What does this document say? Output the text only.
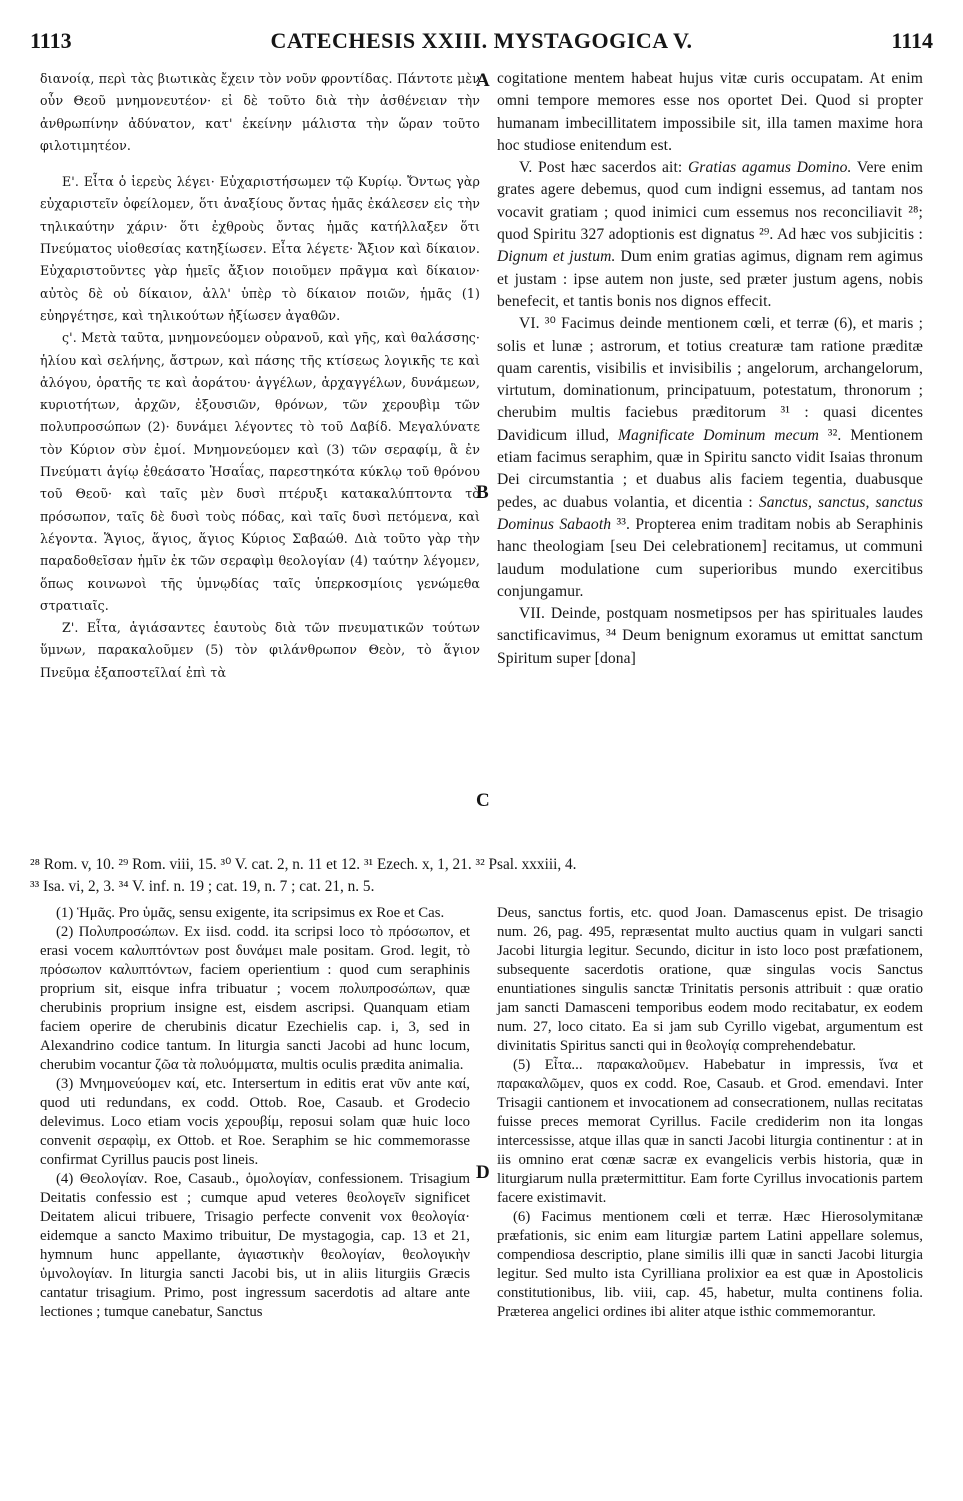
1113	CATECHESIS XXIII. MYSTAGOGICA V.	1114
A
B
C
D

διανοίᾳ, περὶ τὰς βιωτικὰς ἔχειν τὸν νοῦν φροντίδας. Πάντοτε μὲν οὖν Θεοῦ μνημονευτέον· εἰ δὲ τοῦτο διὰ τὴν ἀσθένειαν τὴν ἀνθρωπίνην ἀδύνατον, κατ' ἐκείνην μάλιστα τὴν ὥραν τοῦτο φιλοτιμητέον.

Ε'. Εἶτα ὁ ἱερεὺς λέγει· Εὐχαριστήσωμεν τῷ Κυρίῳ. Ὄντως γὰρ εὐχαριστεῖν ὀφείλομεν, ὅτι ἀναξίους ὄντας ἡμᾶς ἐκάλεσεν εἰς τὴν τηλικαύτην χάριν· ὅτι ἐχθροὺς ὄντας ἡμᾶς κατήλλαξεν ὅτι Πνεύματος υἱοθεσίας κατηξίωσεν. Εἶτα λέγετε· Ἄξιον καὶ δίκαιον. Εὐχαριστοῦντες γὰρ ἡμεῖς ἄξιον ποιοῦμεν πρᾶγμα καὶ δίκαιον· αὐτὸς δὲ οὐ δίκαιον, ἀλλ' ὑπὲρ τὸ δίκαιον ποιῶν, ἡμᾶς (1) εὐηργέτησε, καὶ τηλικούτων ἠξίωσεν ἀγαθῶν.

ς'. Μετὰ ταῦτα, μνημονεύομεν οὐρανοῦ, καὶ γῆς, καὶ θαλάσσης· ἡλίου καὶ σελήνης, ἄστρων, καὶ πάσης τῆς κτίσεως λογικῆς τε καὶ ἀλόγου, ὁρατῆς τε καὶ ἀοράτου· ἀγγέλων, ἀρχαγγέλων, δυνάμεων, κυριοτήτων, ἀρχῶν, ἐξουσιῶν, θρόνων, τῶν χερουβὶμ τῶν πολυπροσώπων (2)· δυνάμει λέγοντες τὸ τοῦ Δαβίδ. Μεγαλύνατε τὸν Κύριον σὺν ἐμοί. Μνημονεύομεν καὶ (3) τῶν σεραφίμ, ἃ ἐν Πνεύματι ἁγίῳ ἐθεάσατο Ἡσαΐας, παρεστηκότα κύκλῳ τοῦ θρόνου τοῦ Θεοῦ· καὶ ταῖς μὲν δυσὶ πτέρυξι κατακαλύπτοντα τὸ πρόσωπον, ταῖς δὲ δυσὶ τοὺς πόδας, καὶ ταῖς δυσὶ πετόμενα, καὶ λέγοντα. Ἅγιος, ἅγιος, ἅγιος Κύριος Σαβαώθ. Διὰ τοῦτο γὰρ τὴν παραδοθεῖσαν ἡμῖν ἐκ τῶν σεραφὶμ θεολογίαν (4) ταύτην λέγομεν, ὅπως κοινωνοὶ τῆς ὑμνῳδίας ταῖς ὑπερκοσμίοις γενώμεθα στρατιαῖς.

Ζ'. Εἶτα, ἁγιάσαντες ἑαυτοὺς διὰ τῶν πνευματικῶν τούτων ὕμνων, παρακαλοῦμεν (5) τὸν φιλάνθρωπον Θεὸν, τὸ ἅγιον Πνεῦμα ἐξαποστεῖλαί ἐπὶ τὰ

cogitatione mentem habeat hujus vitæ curis occupatam. At enim omni tempore memores esse nos oportet Dei. Quod si propter humanam imbecillitatem impossibile sit, illa tamen maxime hora hoc studiose enitendum est.

V. Post hæc sacerdos ait: Gratias agamus Domino. Vere enim grates agere debemus, quod cum indigni essemus, ad tantam nos vocavit gratiam ; quod inimici cum essemus nos reconciliavit ²⁸; quod Spiritu 327 adoptionis est dignatus ²⁹. Ad hæc vos subjicitis : Dignum et justum. Dum enim gratias agimus, dignam rem agimus et justam : ipse autem non juste, sed præter justum agens, nobis benefecit, et tantis bonis nos dignos effecit.

VI. ³⁰ Facimus deinde mentionem cœli, et terræ (6), et maris ; solis et lunæ ; astrorum, et totius creaturæ tam ratione præditæ quam carentis, visibilis et invisibilis ; angelorum, archangelorum, virtutum, dominationum, principatuum, potestatum, thronorum ; cherubim multis faciebus præditorum ³¹ : quasi dicentes Davidicum illud, Magnificate Dominum mecum ³². Mentionem etiam facimus seraphim, quæ in Spiritu sancto vidit Isaias thronum Dei circumstantia ; et duabus alis faciem tegentia, duabusque pedes, ac duabus volantia, et dicentia : Sanctus, sanctus, sanctus Dominus Sabaoth ³³. Propterea enim traditam nobis ab Seraphinis hanc theologiam [seu Dei celebrationem] recitamus, ut communi laudum modulatione cum superioribus mundo exercitibus conjungamur.

VII. Deinde, postquam nosmetipsos per has spirituales laudes sanctificavimus, ³⁴ Deum benignum exoramus ut emittat sanctum Spiritum super [dona]

²⁸ Rom. v, 10. ²⁹ Rom. viii, 15. ³⁰ V. cat. 2, n. 11 et 12. ³¹ Ezech. x, 1, 21. ³² Psal. xxxiii, 4.

³³ Isa. vi, 2, 3. ³⁴ V. inf. n. 19 ; cat. 19, n. 7 ; cat. 21, n. 5.

(1) Ἡμᾶς. Pro ὑμᾶς, sensu exigente, ita scripsimus ex Roe et Cas.

(2) Πολυπροσώπων. Ex iisd. codd. ita scripsi loco τὸ πρόσωπον, et erasi vocem καλυπτόντων post δυνάμει male positam. Grod. legit, τὸ πρόσωπον καλυπτόντων, faciem operientium : quod cum seraphinis proprium sit, eisque infra tribuatur ; vocem πολυπροσώπων, quæ cherubinis proprium insigne est, eisdem ascripsi. Quanquam etiam faciem operire de cherubinis dicatur Ezechielis cap. i, 3, sed in Alexandrino codice tantum. In liturgia sancti Jacobi ad hunc locum, cherubim vocantur ζῶα τὰ πολυόμματα, multis oculis prædita animalia.

(3) Μνημονεύομεν καί, etc. Intersertum in editis erat νῦν ante καί, quod uti redundans, ex codd. Ottob. Roe, Casaub. et Grodecio delevimus. Loco etiam vocis χερουβίμ, reposui solam quæ huic loco convenit σεραφὶμ, ex Ottob. et Roe. Seraphim se hic commemorasse confirmat Cyrillus paucis post lineis.

(4) Θεολογίαν. Roe, Casaub., ὁμολογίαν, confessionem. Trisagium Deitatis confessio est ; cumque apud veteres θεολογεῖν significet Deitatem alicui tribuere, Trisagio perfecte convenit vox θεολογία· eidemque a sancto Maximo tribuitur, De mystagogia, cap. 13 et 21, hymnum hunc appellante, ἁγιαστικὴν θεολογίαν, θεολογικὴν ὑμνολογίαν. In liturgia sancti Jacobi bis, ut in aliis liturgiis Græcis cantatur trisagium. Primo, post ingressum sacerdotis ad altare ante lectiones ; tumque canebatur, Sanctus

Deus, sanctus fortis, etc. quod Joan. Damascenus epist. De trisagio num. 26, pag. 495, repræsentat multo auctius quam in vulgari sancti Jacobi liturgia legitur. Secundo, dicitur in isto loco post præfationem, subsequente sacerdotis oratione, quæ singulas vocis Sanctus enuntiationes singulis sanctæ Trinitatis personis attribuit : quæ oratio jam sancti Damasceni temporibus eodem modo recitabatur, ex eodem num. 27, loco citato. Ea si jam sub Cyrillo vigebat, argumentum est divinitatis Spiritus sancti qui in θεολογίᾳ comprehendebatur.

(5) Εἶτα... παρακαλοῦμεν. Habebatur in impressis, ἵνα et παρακαλῶμεν, quos ex codd. Roe, Casaub. et Grod. emendavi. Inter Trisagii cantionem et invocationem ad consecrationem, nullas recitatas fuisse preces memorat Cyrillus. Facile crediderim non ita longas intercessisse, atque illas quæ in sancti Jacobi liturgia continentur : at in iis omnino erat cœnæ sacræ ex evangelicis verbis historia, quæ in liturgiarum nulla prætermittitur. Eam forte Cyrillus invocationis partem facere existimavit.

(6) Facimus mentionem cœli et terræ. Hæc Hierosolymitanæ præfationis, sic enim eam liturgiæ partem Latini appellare solemus, compendiosa descriptio, plane similis illi quæ in sancti Jacobi liturgia legitur. Sed multo ista Cyrilliana prolixior ea est quæ in Apostolicis constitutionibus, lib. viii, cap. 45, habetur, multa continens folia. Præterea angelici ordines ibi aliter atque isthic commemorantur.
